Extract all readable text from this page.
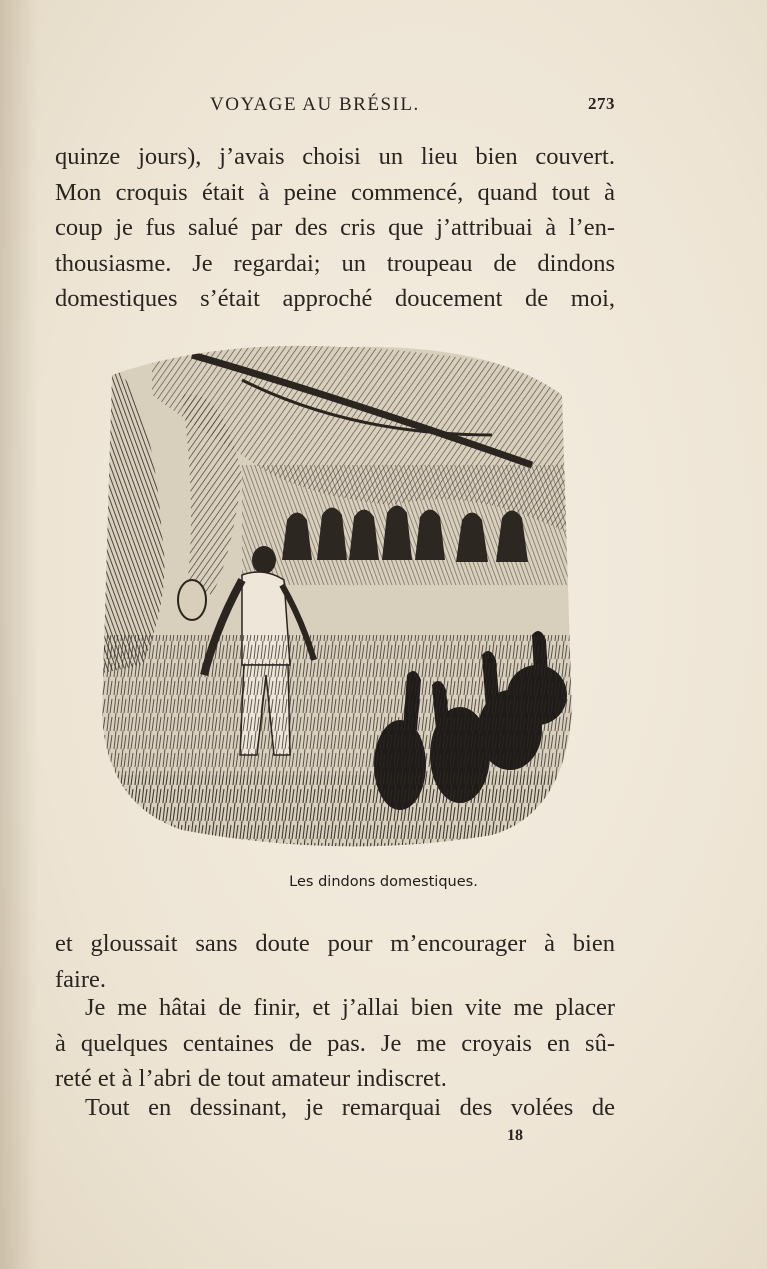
VOYAGE AU BRÉSIL.	273
quinze jours), j’avais choisi un lieu bien couvert.
Mon croquis était à peine commencé, quand tout à
coup je fus salué par des cris que j’attribuai à l’en-
thousiasme. Je regardai; un troupeau de dindons
domestiques s’était approché doucement de moi,
Les dindons domestiques.
et gloussait sans doute pour m’encourager à bien
faire.
Je me hâtai de finir, et j’allai bien vite me placer
à quelques centaines de pas. Je me croyais en sû-
reté et à l’abri de tout amateur indiscret.
Tout en dessinant, je remarquai des volées de
18
